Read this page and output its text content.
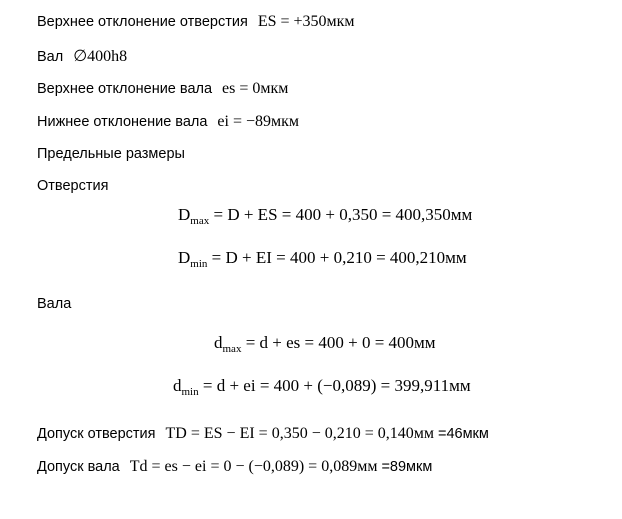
Верхнее отклонение отверстия ES = +350мкм
Вал ∅400h8
Верхнее отклонение вала es = 0мкм
Нижнее отклонение вала ei = −89мкм
Предельные размеры
Отверстия
$D_{max} = D$ + ES = 400 + 0,350 = 400,350мм
$D_{min} = D$ + EI = 400 + 0,210 = 400,210мм
Вала
$d_{max} = d$ + es = 400 + 0 = 400мм
$d_{min} = d$ + ei = 400 + (−0,089) = 399,911мм
Допуск отверстия TD = ES − EI = 0,350 − 0,210 = 0,140мм =46мкм
Допуск вала Td = es − ei = 0 − (−0,089) = 0,089мм =89мкм
